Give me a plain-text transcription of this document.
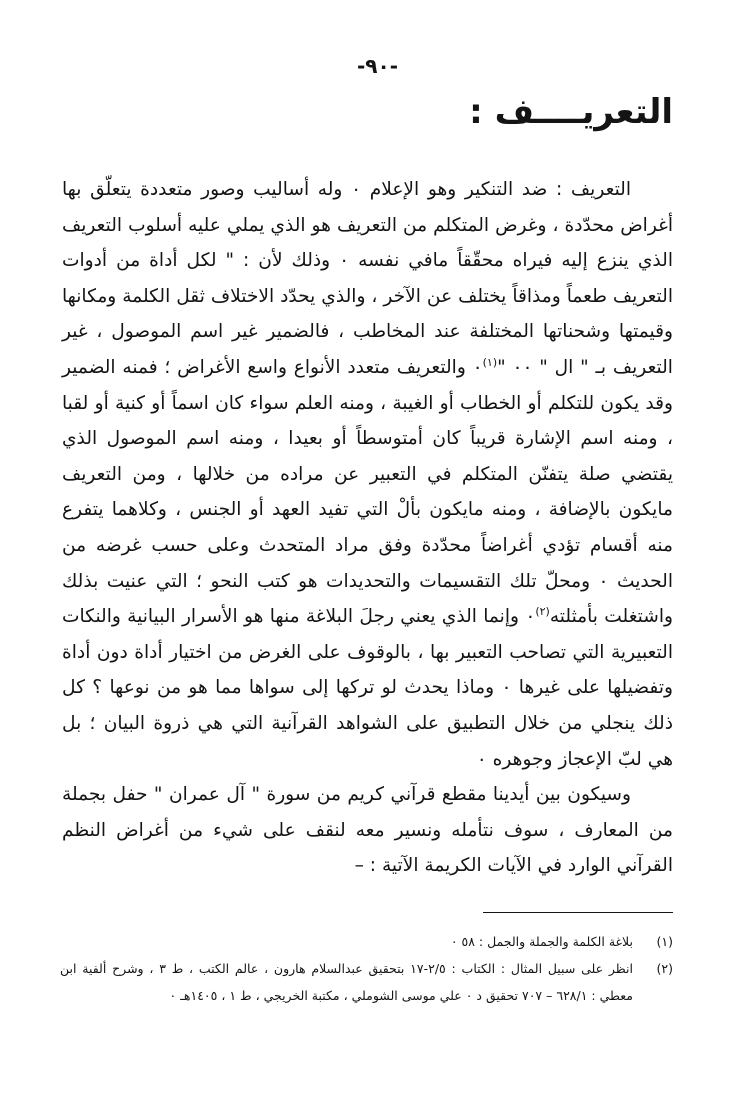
-٩٠-
التعريــــف :

التعريف : ضد التنكير وهو الإعلام ٠ وله أساليب وصور متعددة يتعلّق بها أغراض محدّدة ، وغرض المتكلم من التعريف هو الذي يملي عليه أسلوب التعريف الذي ينزع إليه فيراه محقّقاً مافي نفسه ٠ وذلك لأن : " لكل أداة من أدوات التعريف طعماً ومذاقاً يختلف عن الآخر ، والذي يحدّد الاختلاف ثقل الكلمة ومكانها وقيمتها وشحناتها المختلفة عند المخاطب ، فالضمير غير اسم الموصول ، غير التعريف بـ " ال " ٠٠ "$^{(١)}$٠ والتعريف متعدد الأنواع واسع الأغراض ؛ فمنه الضمير وقد يكون للتكلم أو الخطاب أو الغيبة ، ومنه العلم سواء كان اسماً أو كنية أو لقبا ، ومنه اسم الإشارة قريباً كان أمتوسطاً أو بعيدا ، ومنه اسم الموصول الذي يقتضي صلة يتفنّن المتكلم في التعبير عن مراده من خلالها ، ومن التعريف مايكون بالإضافة ، ومنه مايكون بألْ التي تفيد العهد أو الجنس ، وكلاهما يتفرع منه أقسام تؤدي أغراضاً محدّدة وفق مراد المتحدث وعلى حسب غرضه من الحديث ٠ ومحلّ تلك التقسيمات والتحديدات هو كتب النحو ؛ التي عنيت بذلك واشتغلت بأمثلته$^{(٢)}$٠ وإنما الذي يعني رجلَ البلاغة منها هو الأسرار البيانية والنكات التعبيرية التي تصاحب التعبير بها ، بالوقوف على الغرض من اختيار أداة دون أداة وتفضيلها على غيرها ٠ وماذا يحدث لو تركها إلى سواها مما هو من نوعها ؟ كل ذلك ينجلي من خلال التطبيق على الشواهد القرآنية التي هي ذروة البيان ؛ بل هي لبّ الإعجاز وجوهره ٠

وسيكون بين أيدينا مقطع قرآني كريم من سورة " آل عمران " حفل بجملة من المعارف ، سوف نتأمله ونسير معه لنقف على شيء من أغراض النظم القرآني الوارد في الآيات الكريمة الآتية : –

(١)
بلاغة الكلمة والجملة والجمل : ٥٨ ٠
(٢)
انظر على سبيل المثال : الكتاب : ٢/٥-١٧ بتحقيق عبدالسلام هارون ، عالم الكتب ، ط ٣ ، وشرح ألفية ابن معطي : ٦٢٨/١ – ٧٠٧ تحقيق د ٠ علي موسى الشوملي ، مكتبة الخريجي ، ط ١ ، ١٤٠٥هـ ٠
